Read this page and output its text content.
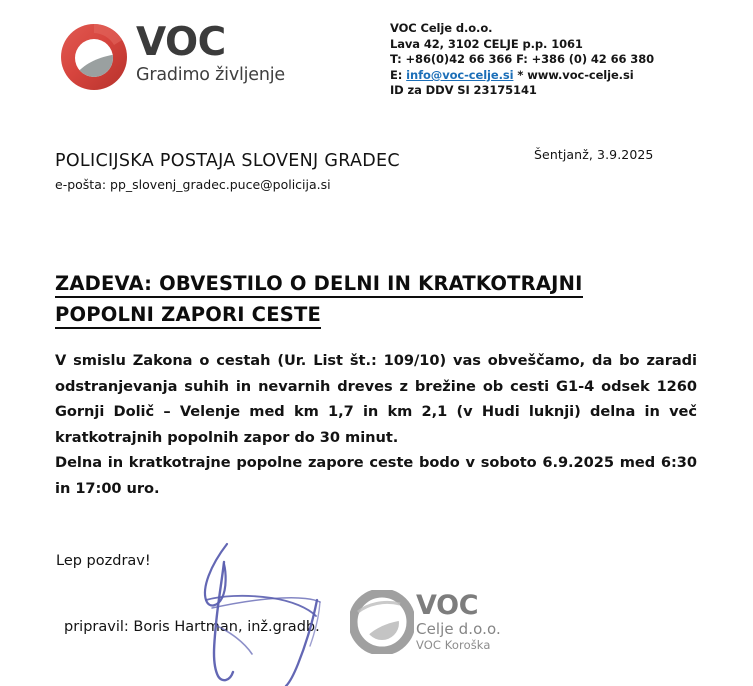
VOC
Gradimo življenje
VOC Celje d.o.o.
Lava 42, 3102 CELJE p.p. 1061
T: +86(0)42 66 366 F: +386 (0) 42 66 380
E: info@voc-celje.si * www.voc-celje.si
ID za DDV SI 23175141
POLICIJSKA POSTAJA SLOVENJ GRADEC
e-pošta: pp_slovenj_gradec.puce@policija.si
Šentjanž, 3.9.2025
ZADEVA: OBVESTILO O DELNI IN KRATKOTRAJNI
POPOLNI ZAPORI CESTE

V smislu Zakona o cestah (Ur. List št.: 109/10) vas obveščamo, da bo zaradi odstranjevanja suhih in nevarnih dreves z brežine ob cesti G1-4 odsek 1260 Gornji Dolič – Velenje med km 1,7 in km 2,1 (v Hudi luknji) delna in več kratkotrajnih popolnih zapor do 30 minut.

Delna in kratkotrajne popolne zapore ceste bodo v soboto 6.9.2025 med 6:30 in 17:00 uro.

Lep pozdrav!
pripravil: Boris Hartman, inž.gradb.
VOC
Celje d.o.o.
VOC Koroška
